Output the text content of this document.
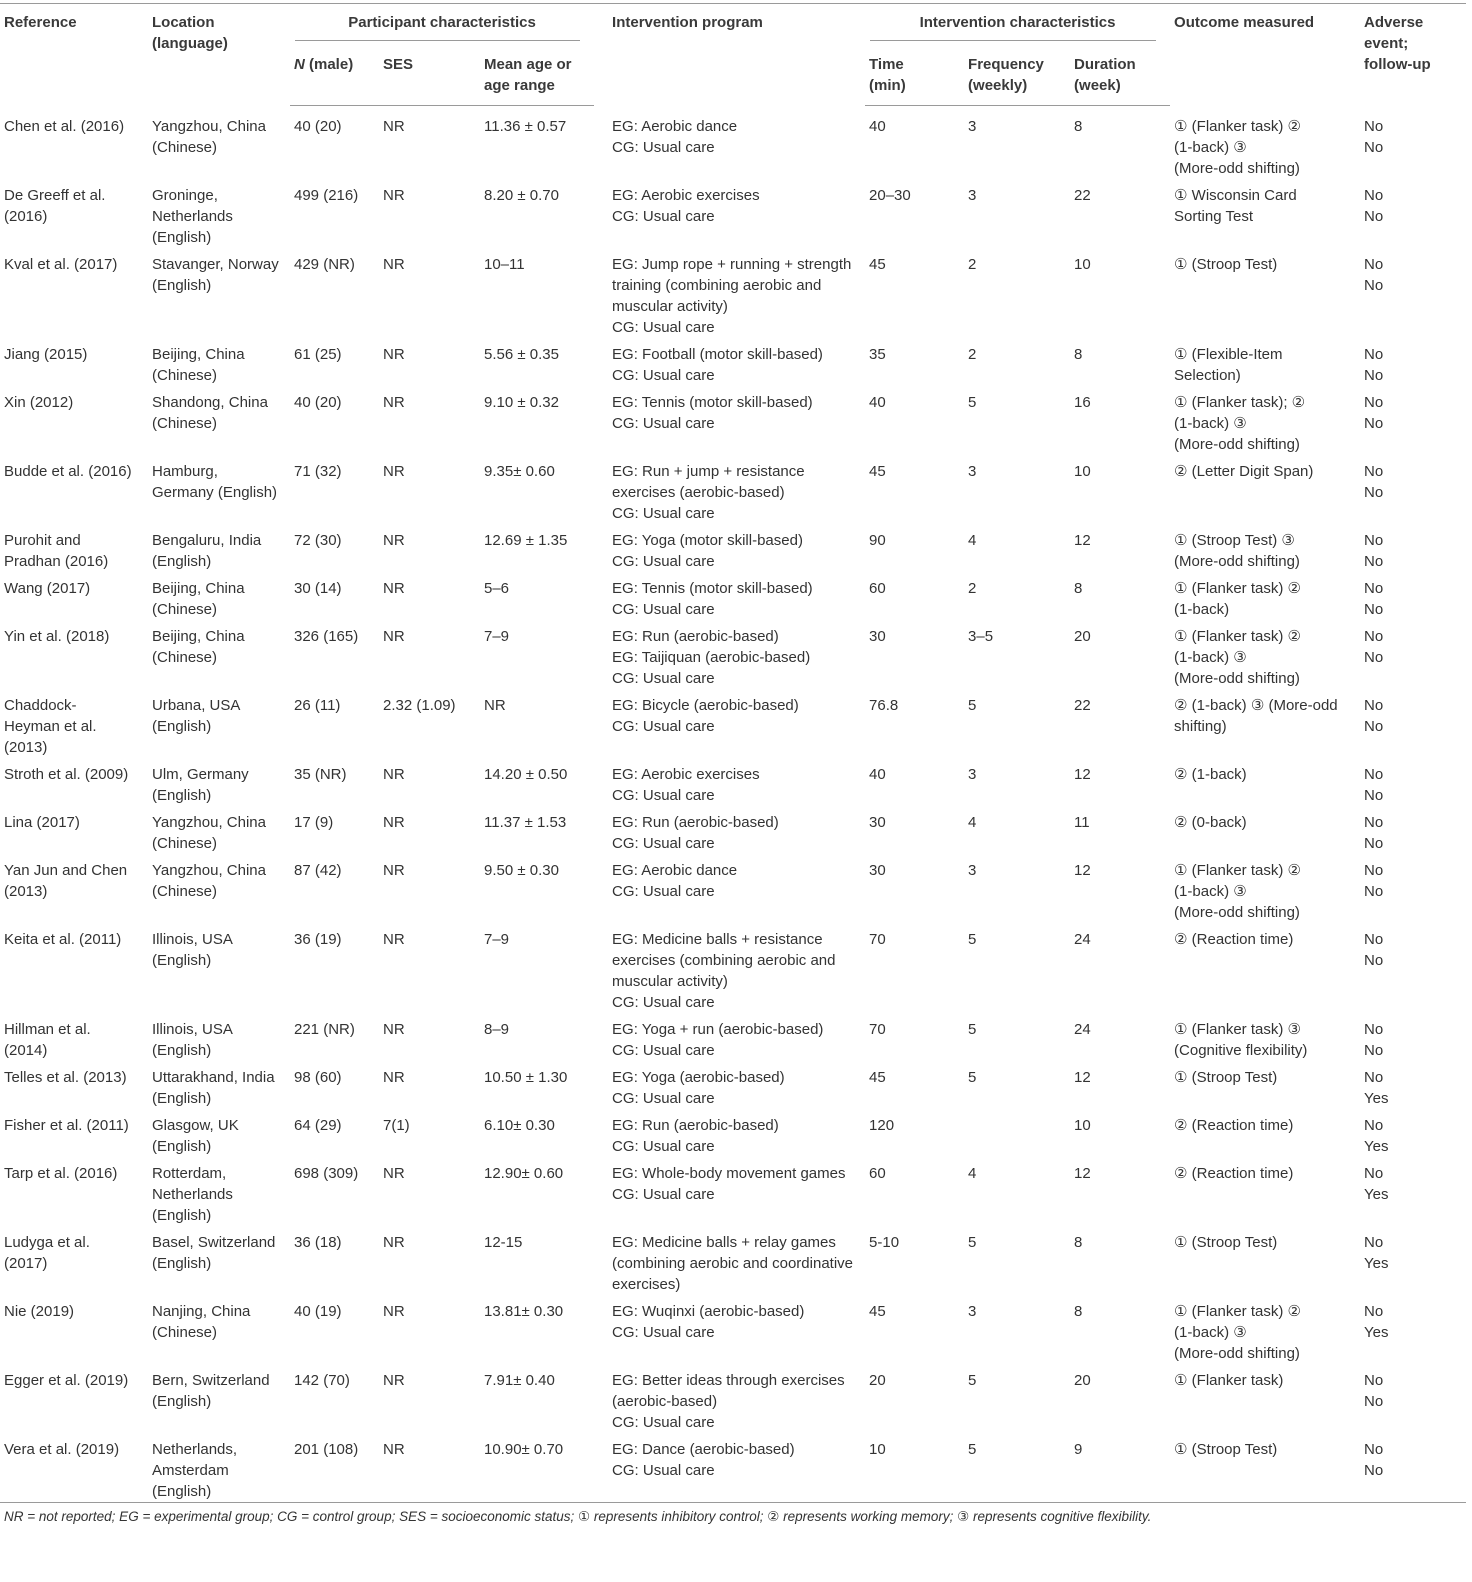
Reference	Location
(language)	Participant characteristics			Intervention program	Intervention characteristics			Outcome measured	Adverse
event;
follow-up
		N (male)	SES	Mean age or
age range		Time
(min)	Frequency
(weekly)	Duration
(week)		
Chen et al. (2016)	Yangzhou, China
(Chinese)	40 (20)	NR	11.36 ± 0.57	EG: Aerobic dance
CG: Usual care	40	3	8	① (Flanker task) ②
(1-back) ③
(More-odd shifting)	No
No
De Greeff et al.
(2016)	Groninge,
Netherlands
(English)	499 (216)	NR	8.20 ± 0.70	EG: Aerobic exercises
CG: Usual care	20–30	3	22	① Wisconsin Card
Sorting Test	No
No
Kval et al. (2017)	Stavanger, Norway
(English)	429 (NR)	NR	10–11	EG: Jump rope + running + strength
training (combining aerobic and
muscular activity)
CG: Usual care	45	2	10	① (Stroop Test)	No
No
Jiang (2015)	Beijing, China
(Chinese)	61 (25)	NR	5.56 ± 0.35	EG: Football (motor skill-based)
CG: Usual care	35	2	8	① (Flexible-Item
Selection)	No
No
Xin (2012)	Shandong, China
(Chinese)	40 (20)	NR	9.10 ± 0.32	EG: Tennis (motor skill-based)
CG: Usual care	40	5	16	① (Flanker task); ②
(1-back) ③
(More-odd shifting)	No
No
Budde et al. (2016)	Hamburg,
Germany (English)	71 (32)	NR	9.35± 0.60	EG: Run + jump + resistance
exercises (aerobic-based)
CG: Usual care	45	3	10	② (Letter Digit Span)	No
No
Purohit and
Pradhan (2016)	Bengaluru, India
(English)	72 (30)	NR	12.69 ± 1.35	EG: Yoga (motor skill-based)
CG: Usual care	90	4	12	① (Stroop Test) ③
(More-odd shifting)	No
No
Wang (2017)	Beijing, China
(Chinese)	30 (14)	NR	5–6	EG: Tennis (motor skill-based)
CG: Usual care	60	2	8	① (Flanker task) ②
(1-back)	No
No
Yin et al. (2018)	Beijing, China
(Chinese)	326 (165)	NR	7–9	EG: Run (aerobic-based)
EG: Taijiquan (aerobic-based)
CG: Usual care	30	3–5	20	① (Flanker task) ②
(1-back) ③
(More-odd shifting)	No
No
Chaddock-
Heyman et al.
(2013)	Urbana, USA
(English)	26 (11)	2.32 (1.09)	NR	EG: Bicycle (aerobic-based)
CG: Usual care	76.8	5	22	② (1-back) ③ (More-odd
shifting)	No
No
Stroth et al. (2009)	Ulm, Germany
(English)	35 (NR)	NR	14.20 ± 0.50	EG: Aerobic exercises
CG: Usual care	40	3	12	② (1-back)	No
No
Lina (2017)	Yangzhou, China
(Chinese)	17 (9)	NR	11.37 ± 1.53	EG: Run (aerobic-based)
CG: Usual care	30	4	11	② (0-back)	No
No
Yan Jun and Chen
(2013)	Yangzhou, China
(Chinese)	87 (42)	NR	9.50 ± 0.30	EG: Aerobic dance
CG: Usual care	30	3	12	① (Flanker task) ②
(1-back) ③
(More-odd shifting)	No
No
Keita et al. (2011)	Illinois, USA
(English)	36 (19)	NR	7–9	EG: Medicine balls + resistance
exercises (combining aerobic and
muscular activity)
CG: Usual care	70	5	24	② (Reaction time)	No
No
Hillman et al.
(2014)	Illinois, USA
(English)	221 (NR)	NR	8–9	EG: Yoga + run (aerobic-based)
CG: Usual care	70	5	24	① (Flanker task) ③
(Cognitive flexibility)	No
No
Telles et al. (2013)	Uttarakhand, India
(English)	98 (60)	NR	10.50 ± 1.30	EG: Yoga (aerobic-based)
CG: Usual care	45	5	12	① (Stroop Test)	No
Yes
Fisher et al. (2011)	Glasgow, UK
(English)	64 (29)	7(1)	6.10± 0.30	EG: Run (aerobic-based)
CG: Usual care	120		10	② (Reaction time)	No
Yes
Tarp et al. (2016)	Rotterdam,
Netherlands
(English)	698 (309)	NR	12.90± 0.60	EG: Whole-body movement games
CG: Usual care	60	4	12	② (Reaction time)	No
Yes
Ludyga et al.
(2017)	Basel, Switzerland
(English)	36 (18)	NR	12-15	EG: Medicine balls + relay games
(combining aerobic and coordinative
exercises)	5-10	5	8	① (Stroop Test)	No
Yes
Nie (2019)	Nanjing, China
(Chinese)	40 (19)	NR	13.81± 0.30	EG: Wuqinxi (aerobic-based)
CG: Usual care	45	3	8	① (Flanker task) ②
(1-back) ③
(More-odd shifting)	No
Yes
Egger et al. (2019)	Bern, Switzerland
(English)	142 (70)	NR	7.91± 0.40	EG: Better ideas through exercises
(aerobic-based)
CG: Usual care	20	5	20	① (Flanker task)	No
No
Vera et al. (2019)	Netherlands,
Amsterdam
(English)	201 (108)	NR	10.90± 0.70	EG: Dance (aerobic-based)
CG: Usual care	10	5	9	① (Stroop Test)	No
No
NR = not reported; EG = experimental group; CG = control group; SES = socioeconomic status; ① represents inhibitory control; ② represents working memory; ③ represents cognitive flexibility.										
